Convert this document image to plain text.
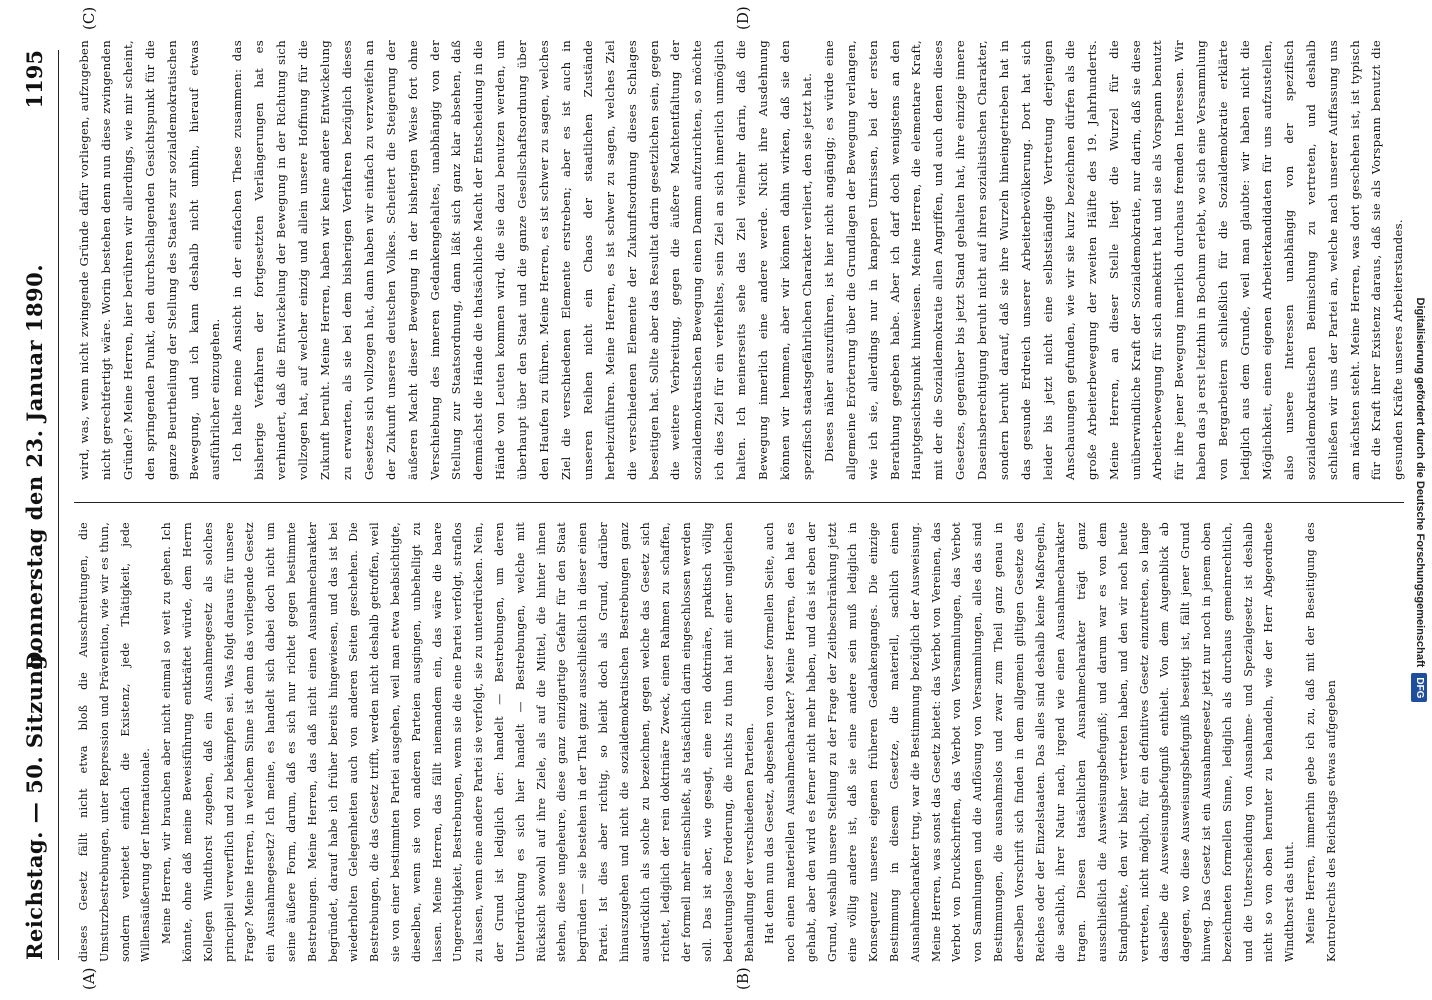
Reichstag. — 50. Sitzung.
Donnerstag den 23. Januar 1890.
1195
(A)	(B)
(C)	(D)

dieses Gesetz fällt nicht etwa bloß die Ausschreitungen, die Umsturzbestrebungen, unter Repression und Prävention, wie wir es thun, sondern verbietet einfach die Existenz, jede Thätigkeit, jede Willensäußerung der Internationale. Meine Herren, wir brauchen aber nicht einmal so weit zu gehen. Ich könnte, ohne daß meine Beweisführung entkräftet würde, dem Herrn Kollegen Windthorst zugeben, daß ein Ausnahmegesetz als solches principiell verwerflich und zu bekämpfen sei. Was folgt daraus für unsere Frage? Meine Herren, in welchem Sinne ist denn das vorliegende Gesetz ein Ausnahmegesetz? Ich meine, es handelt sich dabei doch nicht um seine äußere Form, darum, daß es sich nur richtet gegen bestimmte Bestrebungen. Meine Herren, das daß nicht einen Ausnahmecharakter begründet, darauf habe ich früher bereits hingewiesen, und das ist bei wiederholten Gelegenheiten auch von anderen Seiten geschehen. Die Bestrebungen, die das Gesetz trifft, werden nicht deshalb getroffen, weil sie von einer bestimmten Partei ausgehen, weil man etwa beabsichtigte, dieselben, wenn sie von anderen Parteien ausgingen, unbehelligt zu lassen. Meine Herren, das fällt niemandem ein, das wäre die baare Ungerechtigkeit, Bestrebungen, wenn sie die eine Partei verfolgt, straflos zu lassen, wenn eine andere Partei sie verfolgt, sie zu unterdrücken. Nein, der Grund ist lediglich der: handelt — Bestrebungen, um deren Unterdrückung es sich hier handelt — Bestrebungen, welche mit Rücksicht sowohl auf ihre Ziele, als auf die Mittel, die hinter ihnen stehen, diese ungeheure, diese ganz einzigartige Gefahr für den Staat begründen — sie bestehen in der That ganz ausschließlich in dieser einen Partei. Ist dies aber richtig, so bleibt doch als Grund, darüber hinauszugehen und nicht die sozialdemokratischen Bestrebungen ganz ausdrücklich als solche zu bezeichnen, gegen welche das Gesetz sich richtet, lediglich der rein doktrinäre Zweck, einen Rahmen zu schaffen, der formell mehr einschließt, als tatsächlich darin eingeschlossen werden soll. Das ist aber, wie gesagt, eine rein doktrinäre, praktisch völlig bedeutungslose Forderung, die nichts zu thun hat mit einer ungleichen Behandlung der verschiedenen Parteien. Hat denn nun das Gesetz, abgesehen von dieser formellen Seite, auch noch einen materiellen Ausnahmecharakter? Meine Herren, den hat es gehabt, aber den wird es ferner nicht mehr haben, und das ist eben der Grund, weshalb unsere Stellung zu der Frage der Zeitbeschränkung jetzt eine völlig andere ist, daß sie eine andere sein muß lediglich in Konsequenz unseres eigenen früheren Gedankenganges. Die einzige Bestimmung in diesem Gesetze, die materiell, sachlich einen Ausnahmecharakter trug, war die Bestimmung bezüglich der Ausweisung. Meine Herren, was sonst das Gesetz bietet: das Verbot von Vereinen, das Verbot von Druckschriften, das Verbot von Versammlungen, das Verbot von Sammlungen und die Auflösung von Versammlungen, alles das sind Bestimmungen, die ausnahmslos und zwar zum Theil ganz genau in derselben Vorschrift sich finden in dem allgemein giltigen Gesetze des Reiches oder der Einzelstaaten. Das alles sind deshalb keine Maßregeln, die sachlich, ihrer Natur nach, irgend wie einen Ausnahmecharakter tragen. Diesen tatsächlichen Ausnahmecharakter trägt ganz ausschließlich die Ausweisungsbefugniß; und darum war es von dem Standpunkte, den wir bisher vertreten haben, und den wir noch heute vertreten, nicht möglich, für ein definitives Gesetz einzutreten, so lange dasselbe die Ausweisungsbefugniß enthielt. Von dem Augenblick ab dagegen, wo diese Ausweisungsbefugniß beseitigt ist, fällt jener Grund hinweg. Das Gesetz ist ein Ausnahmegesetz jetzt nur noch in jenem oben bezeichneten formellen Sinne, lediglich als durchaus gemeinrechtlich, und die Unterscheidung von Ausnahme- und Spezialgesetz ist deshalb nicht so von oben herunter zu behandeln, wie der Herr Abgeordnete Windthorst das thut. Meine Herren, immerhin gebe ich zu, daß mit der Beseitigung des Kontrolrechts des Reichstags etwas aufgegeben

wird, was, wenn nicht zwingende Gründe dafür vorliegen, aufzugeben nicht gerechtfertigt wäre. Worin bestehen denn nun diese zwingenden Gründe? Meine Herren, hier berühren wir allerdings, wie mir scheint, den springenden Punkt, den durchschlagenden Gesichtspunkt für die ganze Beurtheilung der Stellung des Staates zur sozialdemokratischen Bewegung, und ich kann deshalb nicht umhin, hierauf etwas ausführlicher einzugehen. Ich halte meine Ansicht in der einfachen These zusammen: das bisherige Verfahren der fortgesetzten Verlängerungen hat es verhindert, daß die Entwickelung der Bewegung in der Richtung sich vollzogen hat, auf welcher einzig und allein unsere Hoffnung für die Zukunft beruht. Meine Herren, haben wir keine andere Entwickelung zu erwarten, als sie bei dem bisherigen Verfahren bezüglich dieses Gesetzes sich vollzogen hat, dann haben wir einfach zu verzweifeln an der Zukunft unseres deutschen Volkes. Scheitert die Steigerung der äußeren Macht dieser Bewegung in der bisherigen Weise fort ohne Verschiebung des inneren Gedankengehaltes, unabhängig von der Stellung zur Staatsordnung, dann läßt sich ganz klar absehen, daß demnächst die Hände die thatsächliche Macht der Entscheidung in die Hände von Leuten kommen wird, die sie dazu benutzen werden, um überhaupt über den Staat und die ganze Gesellschaftsordnung über den Haufen zu führen. Meine Herren, es ist schwer zu sagen, welches Ziel die verschiedenen Elemente erstreben; aber es ist auch in unseren Reihen nicht ein Chaos der staatlichen Zustände herbeizuführen. Meine Herren, es ist schwer zu sagen, welches Ziel die verschiedenen Elemente der Zukunftsordnung dieses Schlages beseitigen hat. Sollte aber das Resultat darin gesetzlichen sein, gegen die weitere Verbreitung, gegen die äußere Machtentfaltung der sozialdemokratischen Bewegung einen Damm aufzurichten, so möchte ich dies Ziel für ein verfehltes, sein Ziel an sich innerlich unmöglich halten. Ich meinerseits sehe das Ziel vielmehr darin, daß die Bewegung innerlich eine andere werde. Nicht ihre Ausdehnung können wir hemmen, aber wir können dahin wirken, daß sie den spezifisch staatsgefährlichen Charakter verliert, den sie jetzt hat. Dieses näher auszuführen, ist hier nicht angängig; es würde eine allgemeine Erörterung über die Grundlagen der Bewegung verlangen, wie ich sie, allerdings nur in knappen Umrissen, bei der ersten Berathung gegeben habe. Aber ich darf doch wenigstens an den Hauptgesichtspunkt hinweisen. Meine Herren, die elementare Kraft, mit der die Sozialdemokratie allen Angriffen, und auch denen dieses Gesetzes, gegenüber bis jetzt Stand gehalten hat, ihre einzige innere Daseinsberechtigung beruht nicht auf ihren sozialistischen Charakter, sondern beruht darauf, daß sie ihre Wurzeln hineingetrieben hat in das gesunde Erdreich unserer Arbeiterbevölkerung. Dort hat sich leider bis jetzt nicht eine selbstständige Vertretung derjenigen Anschauungen gefunden, wie wir sie kurz bezeichnen dürfen als die große Arbeiterbewegung der zweiten Hälfte des 19. Jahrhunderts. Meine Herren, an dieser Stelle liegt die Wurzel für die unüberwindliche Kraft der Sozialdemokratie, nur darin, daß sie diese Arbeiterbewegung für sich annektirt hat und sie als Vorspann benutzt für ihre jener Bewegung innerlich durchaus fremden Interessen. Wir haben das ja erst letzthin in Bochum erlebt, wo sich eine Versammlung von Bergarbeitern schließlich für die Sozialdemokratie erklärte lediglich aus dem Grunde, weil man glaubte: wir haben nicht die Möglichkeit, einen eigenen Arbeiterkandidaten für uns aufzustellen, also unsere Interessen unabhängig von der spezifisch sozialdemokratischen Beimischung zu vertreten, und deshalb schließen wir uns der Partei an, welche nach unserer Auffassung uns am nächsten steht. Meine Herren, was dort geschehen ist, ist typisch für die Kraft ihrer Existenz daraus, daß sie als Vorspann benutzt die gesunden Kräfte unseres Arbeiterstandes. Digitalisierung gefördert durch die Deutsche ForschungsgemeinschaftDFG
